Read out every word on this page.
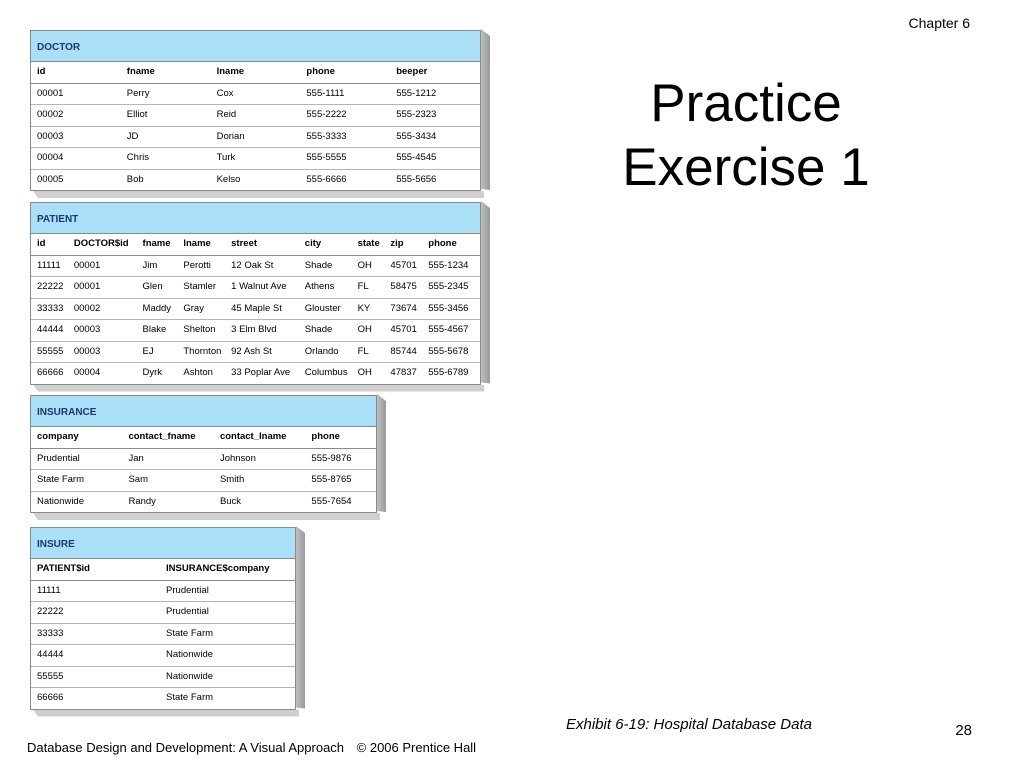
Chapter 6
Practice
Exercise 1
DOCTOR
id	fname	lname	phone	beeper
00001	Perry	Cox	555-1111	555-1212
00002	Elliot	Reid	555-2222	555-2323
00003	JD	Dorian	555-3333	555-3434
00004	Chris	Turk	555-5555	555-4545
00005	Bob	Kelso	555-6666	555-5656
PATIENT
id	DOCTOR$id	fname	lname	street	city	state	zip	phone
11111	00001	Jim	Perotti	12 Oak St	Shade	OH	45701	555-1234
22222	00001	Glen	Stamler	1 Walnut Ave	Athens	FL	58475	555-2345
33333	00002	Maddy	Gray	45 Maple St	Glouster	KY	73674	555-3456
44444	00003	Blake	Shelton	3 Elm Blvd	Shade	OH	45701	555-4567
55555	00003	EJ	Thornton	92 Ash St	Orlando	FL	85744	555-5678
66666	00004	Dyrk	Ashton	33 Poplar Ave	Columbus	OH	47837	555-6789
INSURANCE
company	contact_fname	contact_lname	phone
Prudential	Jan	Johnson	555-9876
State Farm	Sam	Smith	555-8765
Nationwide	Randy	Buck	555-7654
INSURE
PATIENT$id	INSURANCE$company
11111	Prudential
22222	Prudential
33333	State Farm
44444	Nationwide
55555	Nationwide
66666	State Farm
Exhibit 6-19: Hospital Database Data	28
Database Design and Development: A Visual Approach © 2006 Prentice Hall
